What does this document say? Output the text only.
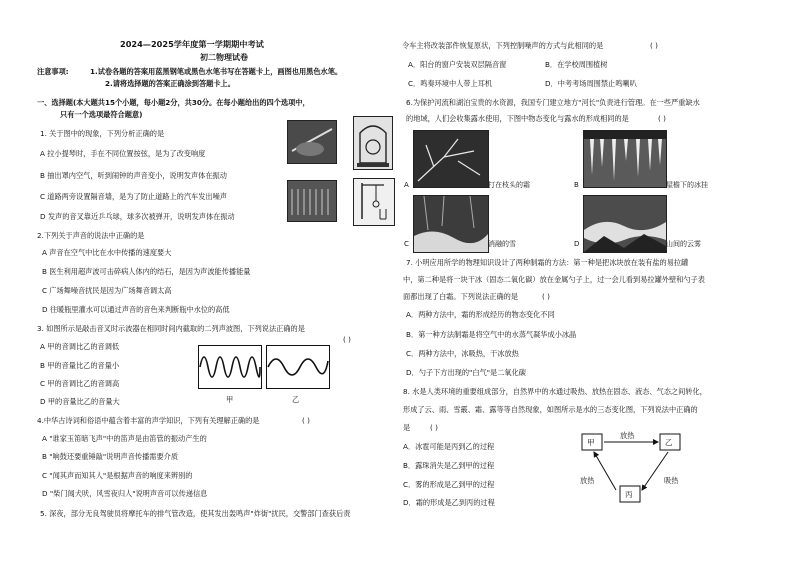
2024—2025学年度第一学期期中考试
初二物理试卷
注意事项:	1.试卷各题的答案用蓝黑钢笔或黑色水笔书写在答题卡上，画图也用黑色水笔。
2.请将选择题的答案正确涂到答题卡上。
一、选择题(本大题共15个小题，每小题2分，共30分。在每小题给出的四个选项中，
只有一个选项最符合题意)
1. 关于图中的现象，下列分析正确的是
A 拉小提琴时，手在不同位置按弦，是为了改变响度
B 抽出罩内空气，听到闹钟的声音变小，说明发声体在振动
C 道路两旁设置隔音墙，是为了防止道路上的汽车发出噪声
D 发声的音叉靠近乒乓球，球多次被弹开，说明发声体在振动
2.下列关于声音的说法中正确的是
A 声音在空气中比在水中传播的速度要大
B 医生利用超声波可击碎病人体内的结石，是因为声波能传播能量
C 广场舞噪音扰民是因为广场舞音调太高
D 往暖瓶里灌水可以通过声音的音色来判断瓶中水位的高低
3. 如图所示是敲击音叉时示波器在相同时间内截取的二列声波图，下列说法正确的是
( )
A 甲的音调比乙的音调低
B 甲的音量比乙的音量小
C 甲的音调比乙的音调高
D 甲的音量比乙的音量大	甲	乙
4.中华古诗词和俗语中蕴含着丰富的声学知识，下列有关理解正确的是	( )
A "谁家玉笛暗飞声"中的笛声是由笛管的振动产生的
B "响鼓还要重锤敲"说明声音传播需要介质
C "闻其声而知其人"是根据声音的响度来辨别的
D "柴门闻犬吠，风雪夜归人"说明声音可以传递信息
5. 深夜，部分无良驾驶员将摩托车的排气管改造，使其发出轰鸣声"炸街"扰民，交警部门查获后责
令车主将改装部件恢复原状，下列控制噪声的方式与此相同的是	( )
A．阳台的窗户安装双层隔音窗	B．在学校周围植树
C．鸣奏环境中人带上耳机	D．中考考场周围禁止鸣喇叭
6.为保护河流和湖泊宝贵的水资源，我国专门建立地方"河长"负责进行管理。在一些严重缺水
的地域，人们会收集露水使用，下图中物态变化与露水的形成相同的是	( )
A	打在枝头的霜	B	屋檐下的冰挂
C	消融的雪	D	山间的云雾
7. 小明应用所学的物理知识设计了两种制霜的方法：第一种是把冰块放在装有盐的易拉罐
中，第二种是将一块干冰（固态二氧化碳）放在金属勺子上，过一会儿看到易拉罐外壁和勺子表
面都出现了白霜。下列说法正确的是	( )
A．两种方法中，霜的形成经历的物态变化不同
B．第一种方法制霜是将空气中的水蒸气凝华成小冰晶
C．两种方法中，冰吸热，干冰放热
D．勺子下方出现的"白气"是二氧化碳
8. 水是人类环境的重要组成部分，自然界中的水通过吸热、放热在固态、液态、气态之间转化，
形成了云、雨、雪霰、霜、露等等自然现象，如图所示是水的三态变化图，下列说法中正确的
是	( )
A．冰雹可能是丙到乙的过程
B．露珠消失是乙到甲的过程
C．雾的形成是乙到甲的过程
D．霜的形成是乙到丙的过程
甲	乙
丙
放热
放热	吸热
